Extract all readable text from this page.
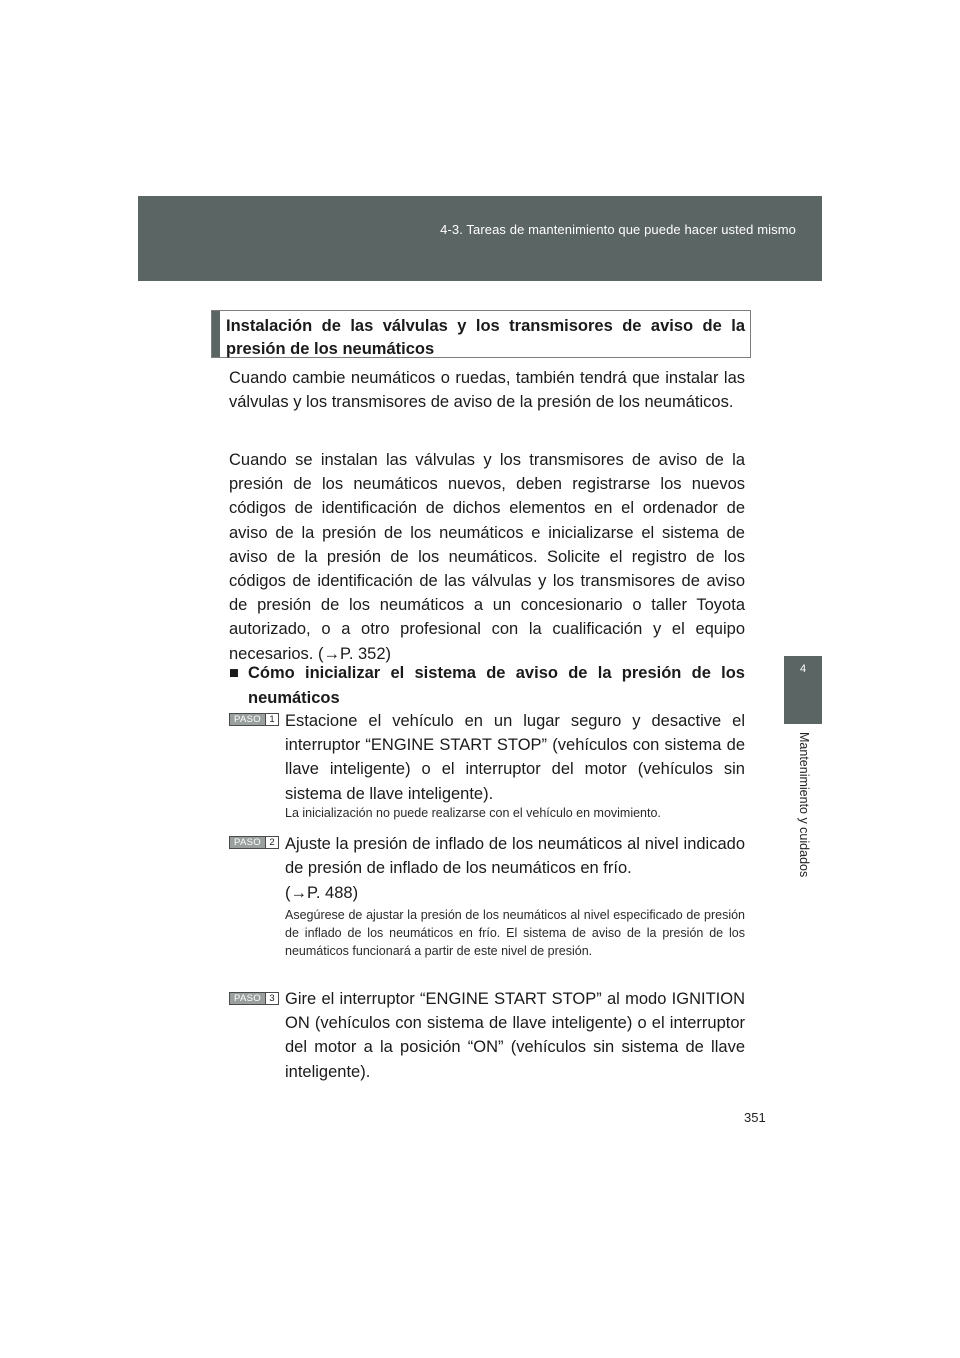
4-3. Tareas de mantenimiento que puede hacer usted mismo
4
Mantenimiento y cuidados
Instalación de las válvulas y los transmisores de aviso de la presión de los neumáticos

Cuando cambie neumáticos o ruedas, también tendrá que instalar las válvulas y los transmisores de aviso de la presión de los neumáticos.

Cuando se instalan las válvulas y los transmisores de aviso de la presión de los neumáticos nuevos, deben registrarse los nuevos códigos de identificación de dichos elementos en el ordenador de aviso de la presión de los neumáticos e inicializarse el sistema de aviso de la presión de los neumáticos. Solicite el registro de los códigos de identificación de las válvulas y los transmisores de aviso de presión de los neumáticos a un concesionario o taller Toyota autorizado, o a otro profesional con la cualificación y el equipo necesarios. (→P. 352)

■ Cómo inicializar el sistema de aviso de la presión de los neumáticos
PASO 1 Estacione el vehículo en un lugar seguro y desactive el interruptor “ENGINE START STOP” (vehículos con sistema de llave inteligente) o el interruptor del motor (vehículos sin sistema de llave inteligente).

La inicialización no puede realizarse con el vehículo en movimiento.

PASO 2 Ajuste la presión de inflado de los neumáticos al nivel indicado de presión de inflado de los neumáticos en frío.

(→P. 488)

Asegúrese de ajustar la presión de los neumáticos al nivel especificado de presión de inflado de los neumáticos en frío. El sistema de aviso de la presión de los neumáticos funcionará a partir de este nivel de presión.

PASO 3 Gire el interruptor “ENGINE START STOP” al modo IGNITION ON (vehículos con sistema de llave inteligente) o el interruptor del motor a la posición “ON” (vehículos sin sistema de llave inteligente).

351
